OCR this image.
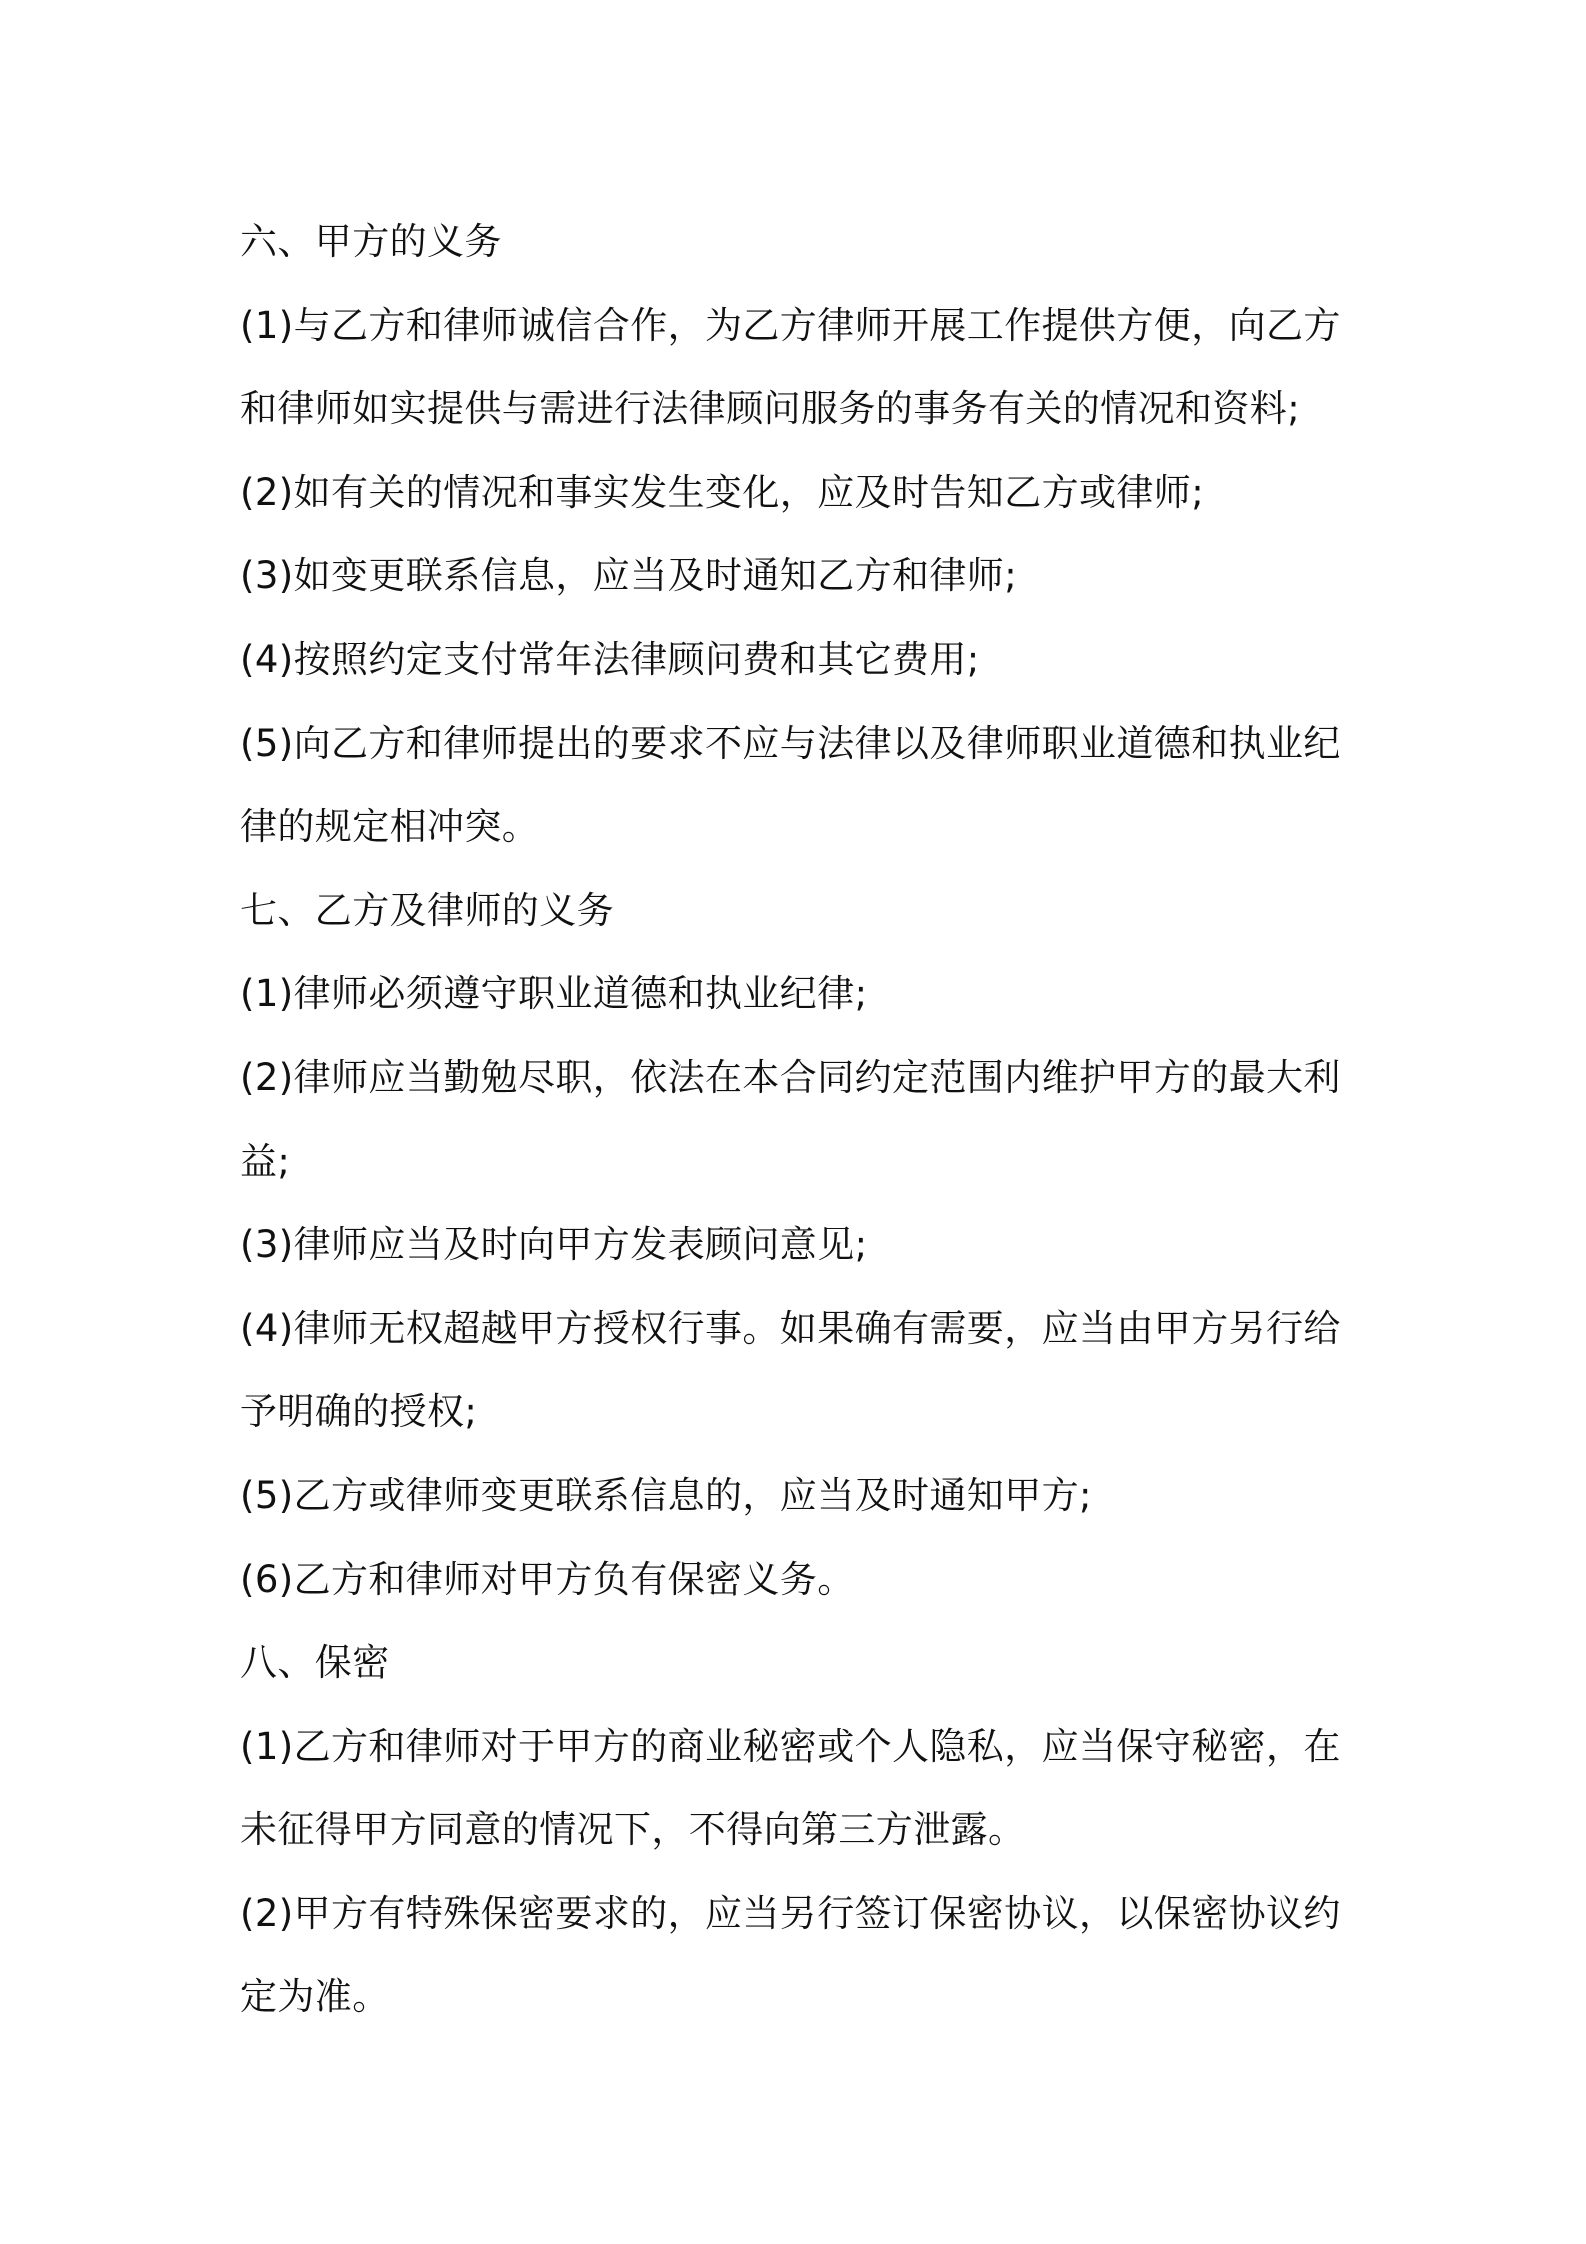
六、甲方的义务
(1)与乙方和律师诚信合作，为乙方律师开展工作提供方便，向乙方
和律师如实提供与需进行法律顾问服务的事务有关的情况和资料;
(2)如有关的情况和事实发生变化，应及时告知乙方或律师;
(3)如变更联系信息，应当及时通知乙方和律师;
(4)按照约定支付常年法律顾问费和其它费用;
(5)向乙方和律师提出的要求不应与法律以及律师职业道德和执业纪
律的规定相冲突。
七、乙方及律师的义务
(1)律师必须遵守职业道德和执业纪律;
(2)律师应当勤勉尽职，依法在本合同约定范围内维护甲方的最大利
益;
(3)律师应当及时向甲方发表顾问意见;
(4)律师无权超越甲方授权行事。如果确有需要，应当由甲方另行给
予明确的授权;
(5)乙方或律师变更联系信息的，应当及时通知甲方;
(6)乙方和律师对甲方负有保密义务。
八、保密
(1)乙方和律师对于甲方的商业秘密或个人隐私，应当保守秘密，在
未征得甲方同意的情况下，不得向第三方泄露。
(2)甲方有特殊保密要求的，应当另行签订保密协议，以保密协议约
定为准。
